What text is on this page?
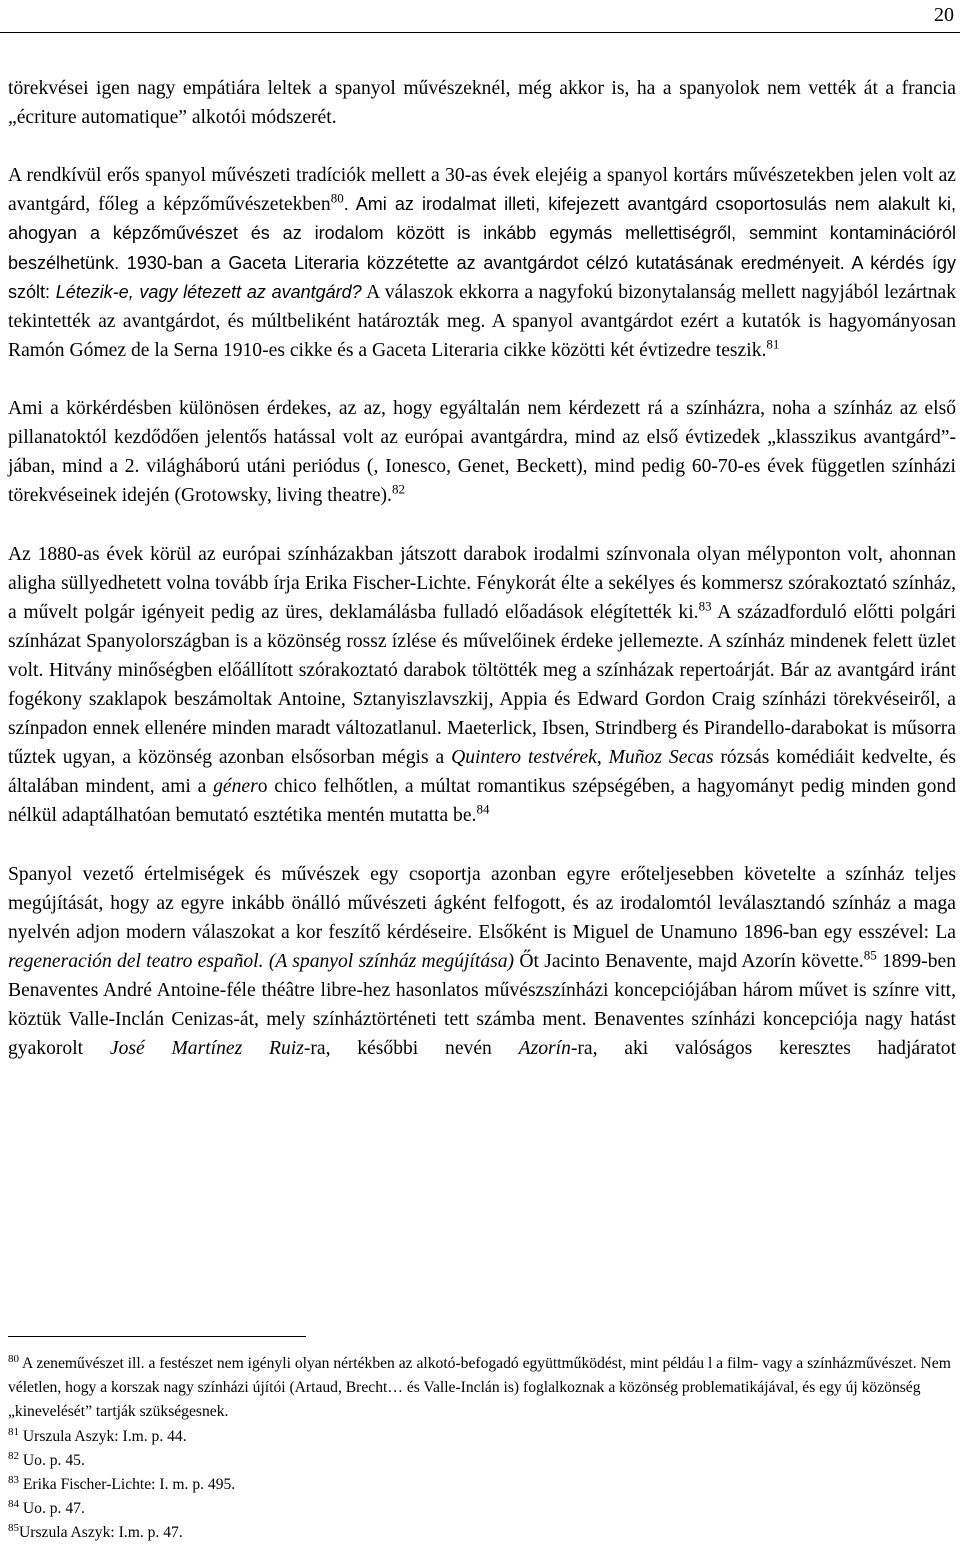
20

törekvései igen nagy empátiára leltek a spanyol művészeknél, még akkor is, ha a spanyolok nem vették át a francia „écriture automatique” alkotói módszerét.

A rendkívül erős spanyol művészeti tradíciók mellett a 30-as évek elejéig a spanyol kortárs művészetekben jelen volt az avantgárd, főleg a képzőművészetekben$^{80}$. Ami az irodalmat illeti, kifejezett avantgárd csoportosulás nem alakult ki, ahogyan a képzőművészet és az irodalom között is inkább egymás mellettiségről, semmint kontaminációról beszélhetünk. 1930-ban a Gaceta Literaria közzétette az avantgárdot célzó kutatásának eredményeit. A kérdés így szólt: Létezik-e, vagy létezett az avantgárd? A válaszok ekkorra a nagyfokú bizonytalanság mellett nagyjából lezártnak tekintették az avantgárdot, és múltbeliként határozták meg. A spanyol avantgárdot ezért a kutatók is hagyományosan Ramón Gómez de la Serna 1910-es cikke és a Gaceta Literaria cikke közötti két évtizedre teszik.$^{81}$

Ami a körkérdésben különösen érdekes, az az, hogy egyáltalán nem kérdezett rá a színházra, noha a színház az első pillanatoktól kezdődően jelentős hatással volt az európai avantgárdra, mind az első évtizedek „klasszikus avantgárd”-jában, mind a 2. világháború utáni periódus (, Ionesco, Genet, Beckett), mind pedig 60-70-es évek független színházi törekvéseinek idején (Grotowsky, living theatre).$^{82}$

Az 1880-as évek körül az európai színházakban játszott darabok irodalmi színvonala olyan mélyponton volt, ahonnan aligha süllyedhetett volna tovább írja Erika Fischer-Lichte. Fénykorát élte a sekélyes és kommersz szórakoztató színház, a művelt polgár igényeit pedig az üres, deklamálásba fulladó előadások elégítették ki.$^{83}$ A századforduló előtti polgári színházat Spanyolországban is a közönség rossz ízlése és művelőinek érdeke jellemezte. A színház mindenek felett üzlet volt. Hitvány minőségben előállított szórakoztató darabok töltötték meg a színházak repertoárját. Bár az avantgárd iránt fogékony szaklapok beszámoltak Antoine, Sztanyiszlavszkij, Appia és Edward Gordon Craig színházi törekvéseiről, a színpadon ennek ellenére minden maradt változatlanul. Maeterlick, Ibsen, Strindberg és Pirandello-darabokat is műsorra tűztek ugyan, a közönség azonban elsősorban mégis a Quintero testvérek, Muñoz Secas rózsás komédiáit kedvelte, és általában mindent, ami a género chico felhőtlen, a múltat romantikus szépségében, a hagyományt pedig minden gond nélkül adaptálhatóan bemutató esztétika mentén mutatta be.$^{84}$

Spanyol vezető értelmiségek és művészek egy csoportja azonban egyre erőteljesebben követelte a színház teljes megújítását, hogy az egyre inkább önálló művészeti ágként felfogott, és az irodalomtól leválasztandó színház a maga nyelvén adjon modern válaszokat a kor feszítő kérdéseire. Elsőként is Miguel de Unamuno 1896-ban egy esszével: La regeneración del teatro español. (A spanyol színház megújítása) Őt Jacinto Benavente, majd Azorín követte.$^{85}$ 1899-ben Benaventes André Antoine-féle théâtre libre-hez hasonlatos művészszínházi koncepciójában három művet is színre vitt, köztük Valle-Inclán Cenizas-át, mely színháztörténeti tett számba ment. Benaventes színházi koncepciója nagy hatást gyakorolt José Martínez Ruiz-ra, későbbi nevén Azorín-ra, aki valóságos keresztes hadjáratot

$^{80}$ A zeneművészet ill. a festészet nem igényli olyan nértékben az alkotó-befogadó együttműködést, mint példáu l a film- vagy a színházművészet. Nem véletlen, hogy a korszak nagy színházi újítói (Artaud, Brecht… és Valle-Inclán is) foglalkoznak a közönség problematikájával, és egy új közönség „kinevelését” tartják szükségesnek.
$^{81}$ Urszula Aszyk: I.m. p. 44.
$^{82}$ Uo. p. 45.
$^{83}$ Erika Fischer-Lichte: I. m. p. 495.
$^{84}$ Uo. p. 47.
$^{85}$Urszula Aszyk: I.m. p. 47.
